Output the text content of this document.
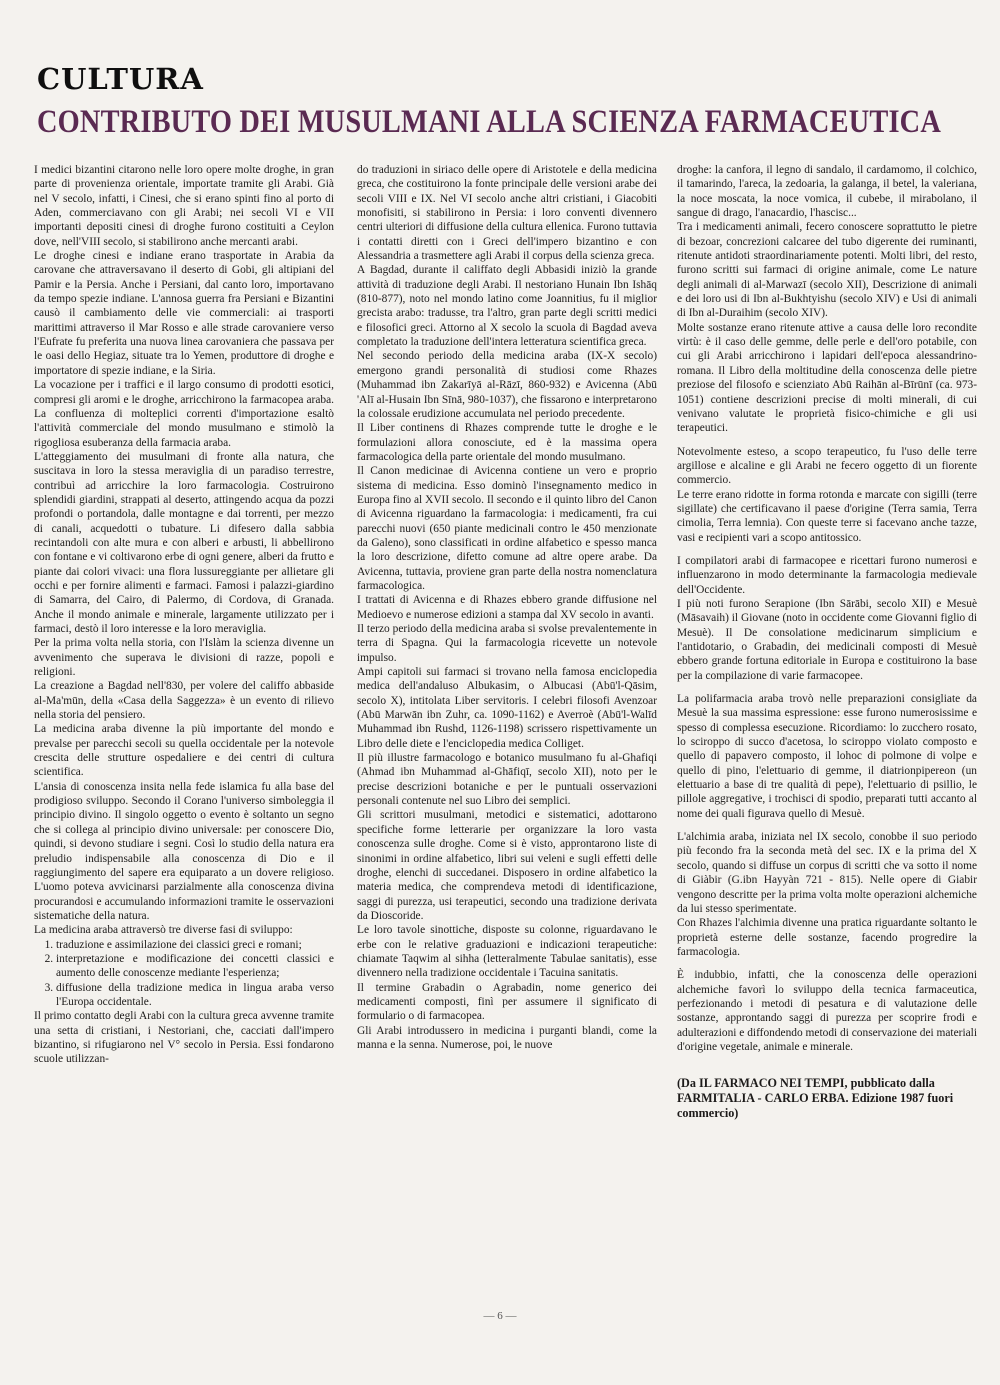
CULTURA
CONTRIBUTO DEI MUSULMANI ALLA SCIENZA FARMACEUTICA

I medici bizantini citarono nelle loro opere molte droghe, in gran parte di provenienza orientale, importate tramite gli Arabi. Già nel V secolo, infatti, i Cinesi, che si erano spinti fino al porto di Aden, commerciavano con gli Arabi; nei secoli VI e VII importanti depositi cinesi di droghe furono costituiti a Ceylon dove, nell'VIII secolo, si stabilirono anche mercanti arabi.

Le droghe cinesi e indiane erano trasportate in Arabia da carovane che attraversavano il deserto di Gobi, gli altipiani del Pamir e la Persia. Anche i Persiani, dal canto loro, importavano da tempo spezie indiane. L'annosa guerra fra Persiani e Bizantini causò il cambiamento delle vie commerciali: ai trasporti marittimi attraverso il Mar Rosso e alle strade carovaniere verso l'Eufrate fu preferita una nuova linea carovaniera che passava per le oasi dello Hegiaz, situate tra lo Yemen, produttore di droghe e importatore di spezie indiane, e la Siria.

La vocazione per i traffici e il largo consumo di prodotti esotici, compresi gli aromi e le droghe, arricchirono la farmacopea araba. La confluenza di molteplici correnti d'importazione esaltò l'attività commerciale del mondo musulmano e stimolò la rigogliosa esuberanza della farmacia araba.

L'atteggiamento dei musulmani di fronte alla natura, che suscitava in loro la stessa meraviglia di un paradiso terrestre, contribuì ad arricchire la loro farmacologia. Costruirono splendidi giardini, strappati al deserto, attingendo acqua da pozzi profondi o portandola, dalle montagne e dai torrenti, per mezzo di canali, acquedotti o tubature. Li difesero dalla sabbia recintandoli con alte mura e con alberi e arbusti, li abbellirono con fontane e vi coltivarono erbe di ogni genere, alberi da frutto e piante dai colori vivaci: una flora lussureggiante per allietare gli occhi e per fornire alimenti e farmaci. Famosi i palazzi-giardino di Samarra, del Cairo, di Palermo, di Cordova, di Granada. Anche il mondo animale e minerale, largamente utilizzato per i farmaci, destò il loro interesse e la loro meraviglia.

Per la prima volta nella storia, con l'Islàm la scienza divenne un avvenimento che superava le divisioni di razze, popoli e religioni.

La creazione a Bagdad nell'830, per volere del califfo abbaside al-Ma'mūn, della «Casa della Saggezza» è un evento di rilievo nella storia del pensiero.

La medicina araba divenne la più importante del mondo e prevalse per parecchi secoli su quella occidentale per la notevole crescita delle strutture ospedaliere e dei centri di cultura scientifica.

L'ansia di conoscenza insita nella fede islamica fu alla base del prodigioso sviluppo. Secondo il Corano l'universo simboleggia il principio divino. Il singolo oggetto o evento è soltanto un segno che si collega al principio divino universale: per conoscere Dio, quindi, si devono studiare i segni. Così lo studio della natura era preludio indispensabile alla conoscenza di Dio e il raggiungimento del sapere era equiparato a un dovere religioso. L'uomo poteva avvicinarsi parzialmente alla conoscenza divina procurandosi e accumulando informazioni tramite le osservazioni sistematiche della natura.

La medicina araba attraversò tre diverse fasi di sviluppo:

1. traduzione e assimilazione dei classici greci e romani;
2. interpretazione e modificazione dei concetti classici e aumento delle conoscenze mediante l'esperienza;
3. diffusione della tradizione medica in lingua araba verso l'Europa occidentale.

Il primo contatto degli Arabi con la cultura greca avvenne tramite una setta di cristiani, i Nestoriani, che, cacciati dall'impero bizantino, si rifugiarono nel V° secolo in Persia. Essi fondarono scuole utilizzan-

do traduzioni in siriaco delle opere di Aristotele e della medicina greca, che costituirono la fonte principale delle versioni arabe dei secoli VIII e IX. Nel VI secolo anche altri cristiani, i Giacobiti monofisiti, si stabilirono in Persia: i loro conventi divennero centri ulteriori di diffusione della cultura ellenica. Furono tuttavia i contatti diretti con i Greci dell'impero bizantino e con Alessandria a trasmettere agli Arabi il corpus della scienza greca.

A Bagdad, durante il califfato degli Abbasidi iniziò la grande attività di traduzione degli Arabi. Il nestoriano Hunain Ibn Ishāq (810-877), noto nel mondo latino come Joannitius, fu il miglior grecista arabo: tradusse, tra l'altro, gran parte degli scritti medici e filosofici greci. Attorno al X secolo la scuola di Bagdad aveva completato la traduzione dell'intera letteratura scientifica greca.

Nel secondo periodo della medicina araba (IX-X secolo) emergono grandi personalità di studiosi come Rhazes (Muhammad ibn Zakarīyā al-Rāzī, 860-932) e Avicenna (Abū 'Alī al-Husain Ibn Sīnā, 980-1037), che fissarono e interpretarono la colossale erudizione accumulata nel periodo precedente.

Il Liber continens di Rhazes comprende tutte le droghe e le formulazioni allora conosciute, ed è la massima opera farmacologica della parte orientale del mondo musulmano.

Il Canon medicinae di Avicenna contiene un vero e proprio sistema di medicina. Esso dominò l'insegnamento medico in Europa fino al XVII secolo. Il secondo e il quinto libro del Canon di Avicenna riguardano la farmacologia: i medicamenti, fra cui parecchi nuovi (650 piante medicinali contro le 450 menzionate da Galeno), sono classificati in ordine alfabetico e spesso manca la loro descrizione, difetto comune ad altre opere arabe. Da Avicenna, tuttavia, proviene gran parte della nostra nomenclatura farmacologica.

I trattati di Avicenna e di Rhazes ebbero grande diffusione nel Medioevo e numerose edizioni a stampa dal XV secolo in avanti.

Il terzo periodo della medicina araba si svolse prevalentemente in terra di Spagna. Qui la farmacologia ricevette un notevole impulso.

Ampi capitoli sui farmaci si trovano nella famosa enciclopedia medica dell'andaluso Albukasim, o Albucasi (Abū'l-Qāsim, secolo X), intitolata Liber servitoris. I celebri filosofi Avenzoar (Abū Marwān ibn Zuhr, ca. 1090-1162) e Averroè (Abū'l-Walīd Muhammad ibn Rushd, 1126-1198) scrissero rispettivamente un Libro delle diete e l'enciclopedia medica Colliget.

Il più illustre farmacologo e botanico musulmano fu al-Ghafiqi (Ahmad ibn Muhammad al-Ghāfiqī, secolo XII), noto per le precise descrizioni botaniche e per le puntuali osservazioni personali contenute nel suo Libro dei semplici.

Gli scrittori musulmani, metodici e sistematici, adottarono specifiche forme letterarie per organizzare la loro vasta conoscenza sulle droghe. Come si è visto, approntarono liste di sinonimi in ordine alfabetico, libri sui veleni e sugli effetti delle droghe, elenchi di succedanei. Disposero in ordine alfabetico la materia medica, che comprendeva metodi di identificazione, saggi di purezza, usi terapeutici, secondo una tradizione derivata da Dioscoride.

Le loro tavole sinottiche, disposte su colonne, riguardavano le erbe con le relative graduazioni e indicazioni terapeutiche: chiamate Taqwim al sihha (letteralmente Tabulae sanitatis), esse divennero nella tradizione occidentale i Tacuina sanitatis.

Il termine Grabadin o Agrabadin, nome generico dei medicamenti composti, finì per assumere il significato di formulario o di farmacopea.

Gli Arabi introdussero in medicina i purganti blandi, come la manna e la senna. Numerose, poi, le nuove

droghe: la canfora, il legno di sandalo, il cardamomo, il colchico, il tamarindo, l'areca, la zedoaria, la galanga, il betel, la valeriana, la noce moscata, la noce vomica, il cubebe, il mirabolano, il sangue di drago, l'anacardio, l'hascisc...

Tra i medicamenti animali, fecero conoscere soprattutto le pietre di bezoar, concrezioni calcaree del tubo digerente dei ruminanti, ritenute antidoti straordinariamente potenti. Molti libri, del resto, furono scritti sui farmaci di origine animale, come Le nature degli animali di al-Marwazī (secolo XII), Descrizione di animali e dei loro usi di Ibn al-Bukhtyishu (secolo XIV) e Usi di animali di Ibn al-Duraihim (secolo XIV).

Molte sostanze erano ritenute attive a causa delle loro recondite virtù: è il caso delle gemme, delle perle e dell'oro potabile, con cui gli Arabi arricchirono i lapidari dell'epoca alessandrino-romana. Il Libro della moltitudine della conoscenza delle pietre preziose del filosofo e scienziato Abū Raihān al-Bīrūnī (ca. 973-1051) contiene descrizioni precise di molti minerali, di cui venivano valutate le proprietà fisico-chimiche e gli usi terapeutici.

Notevolmente esteso, a scopo terapeutico, fu l'uso delle terre argillose e alcaline e gli Arabi ne fecero oggetto di un fiorente commercio.

Le terre erano ridotte in forma rotonda e marcate con sigilli (terre sigillate) che certificavano il paese d'origine (Terra samia, Terra cimolia, Terra lemnia). Con queste terre si facevano anche tazze, vasi e recipienti vari a scopo antitossico.

I compilatori arabi di farmacopee e ricettari furono numerosi e influenzarono in modo determinante la farmacologia medievale dell'Occidente.

I più noti furono Serapione (Ibn Sārābi, secolo XII) e Mesuè (Māsavaih) il Giovane (noto in occidente come Giovanni figlio di Mesuè). Il De consolatione medicinarum simplicium e l'antidotario, o Grabadin, dei medicinali composti di Mesuè ebbero grande fortuna editoriale in Europa e costituirono la base per la compilazione di varie farmacopee.

La polifarmacia araba trovò nelle preparazioni consigliate da Mesuè la sua massima espressione: esse furono numerosissime e spesso di complessa esecuzione. Ricordiamo: lo zucchero rosato, lo sciroppo di succo d'acetosa, lo sciroppo violato composto e quello di papavero composto, il lohoc di polmone di volpe e quello di pino, l'elettuario di gemme, il diatrionpipereon (un elettuario a base di tre qualità di pepe), l'elettuario di psillio, le pillole aggregative, i trochisci di spodio, preparati tutti accanto al nome dei quali figurava quello di Mesuè.

L'alchimia araba, iniziata nel IX secolo, conobbe il suo periodo più fecondo fra la seconda metà del sec. IX e la prima del X secolo, quando si diffuse un corpus di scritti che va sotto il nome di Giàbir (G.ibn Hayyàn 721 - 815). Nelle opere di Giabir vengono descritte per la prima volta molte operazioni alchemiche da lui stesso sperimentate.

Con Rhazes l'alchimia divenne una pratica riguardante soltanto le proprietà esterne delle sostanze, facendo progredire la farmacologia.

È indubbio, infatti, che la conoscenza delle operazioni alchemiche favorì lo sviluppo della tecnica farmaceutica, perfezionando i metodi di pesatura e di valutazione delle sostanze, approntando saggi di purezza per scoprire frodi e adulterazioni e diffondendo metodi di conservazione dei materiali d'origine vegetale, animale e minerale.

(Da IL FARMACO NEI TEMPI, pubblicato dalla FARMITALIA - CARLO ERBA. Edizione 1987 fuori commercio)

— 6 —
